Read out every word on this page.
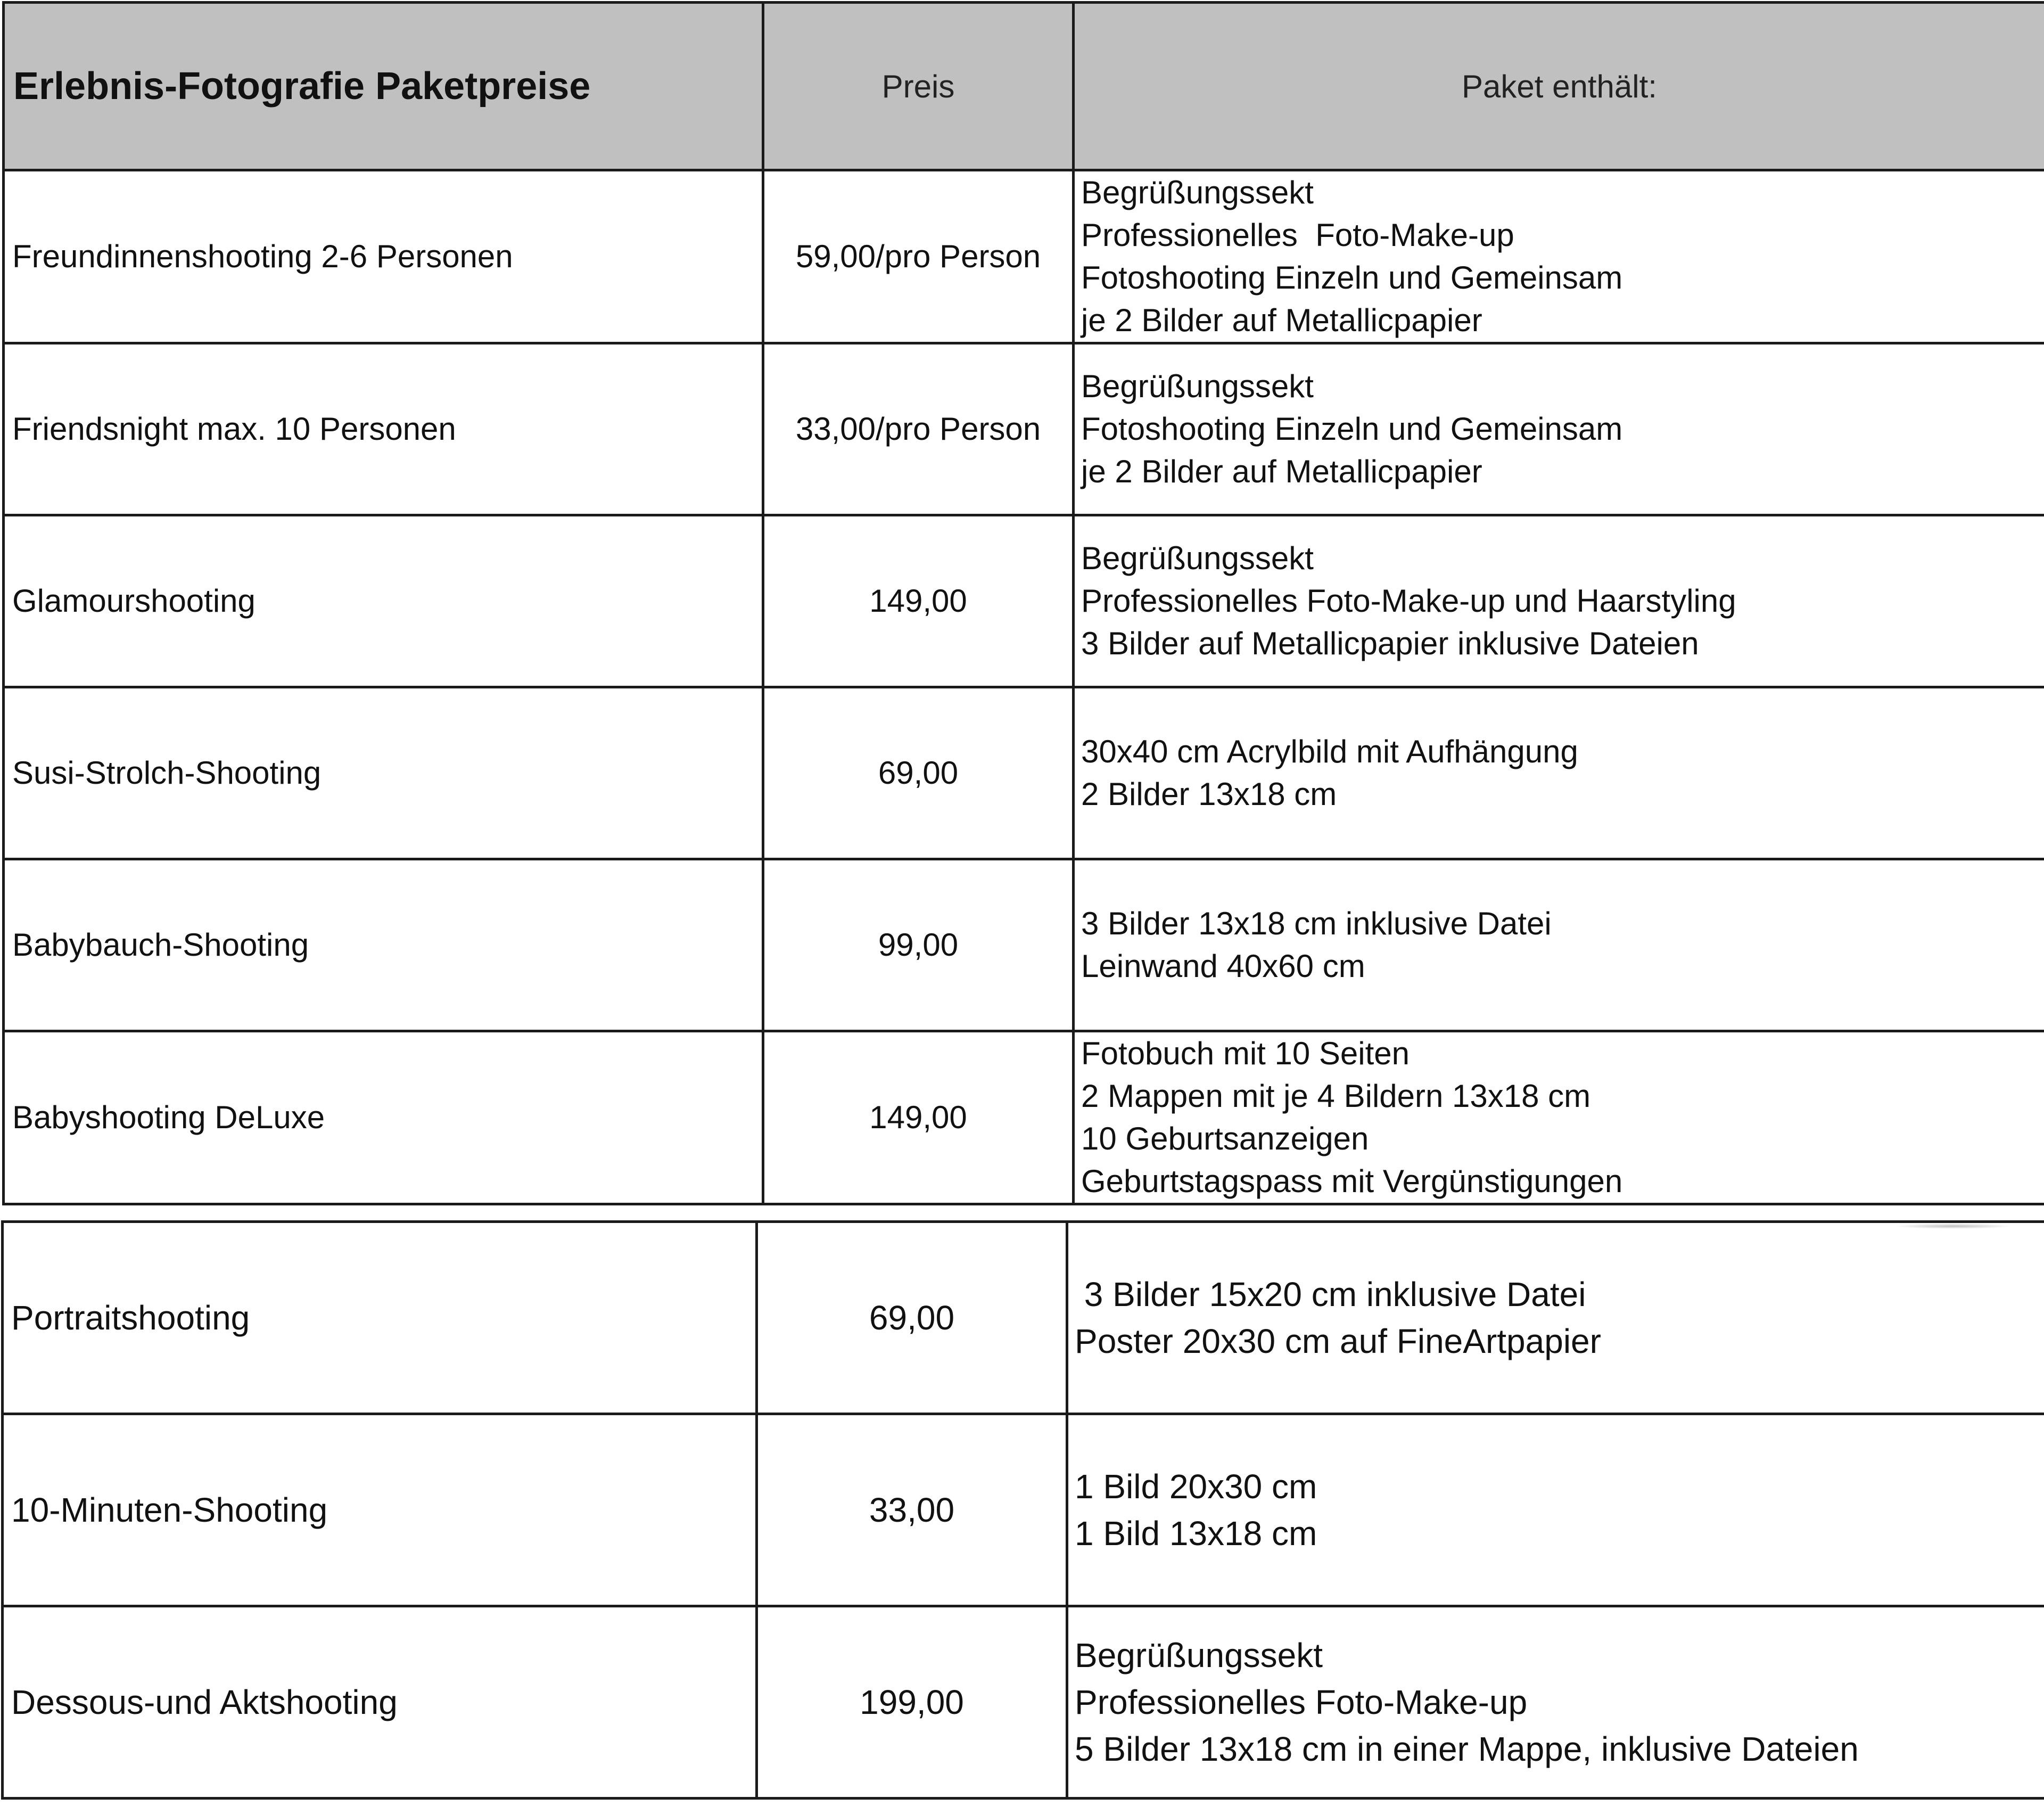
Erlebnis-Fotografie Paketpreise	Preis	Paket enthält:
Freundinnenshooting 2-6 Personen	59,00/pro Person	Begrüßungssekt
Professionelles  Foto-Make-up
Fotoshooting Einzeln und Gemeinsam
je 2 Bilder auf Metallicpapier

Friendsnight max. 10 Personen	33,00/pro Person	Begrüßungssekt
Fotoshooting Einzeln und Gemeinsam
je 2 Bilder auf Metallicpapier

Glamourshooting	149,00	Begrüßungssekt
Professionelles Foto-Make-up und Haarstyling
3 Bilder auf Metallicpapier inklusive Dateien

Susi-Strolch-Shooting	69,00	30x40 cm Acrylbild mit Aufhängung
2 Bilder 13x18 cm

Babybauch-Shooting	99,00	3 Bilder 13x18 cm inklusive Datei
Leinwand 40x60 cm

Babyshooting DeLuxe	149,00	Fotobuch mit 10 Seiten
2 Mappen mit je 4 Bildern 13x18 cm
10 Geburtsanzeigen
Geburtstagspass mit Vergünstigungen
Portraitshooting	69,00	3 Bilder 15x20 cm inklusive Datei
Poster 20x30 cm auf FineArtpapier

10-Minuten-Shooting	33,00	1 Bild 20x30 cm
1 Bild 13x18 cm

Dessous-und Aktshooting	199,00	Begrüßungssekt
Professionelles Foto-Make-up
5 Bilder 13x18 cm in einer Mappe, inklusive Dateien
